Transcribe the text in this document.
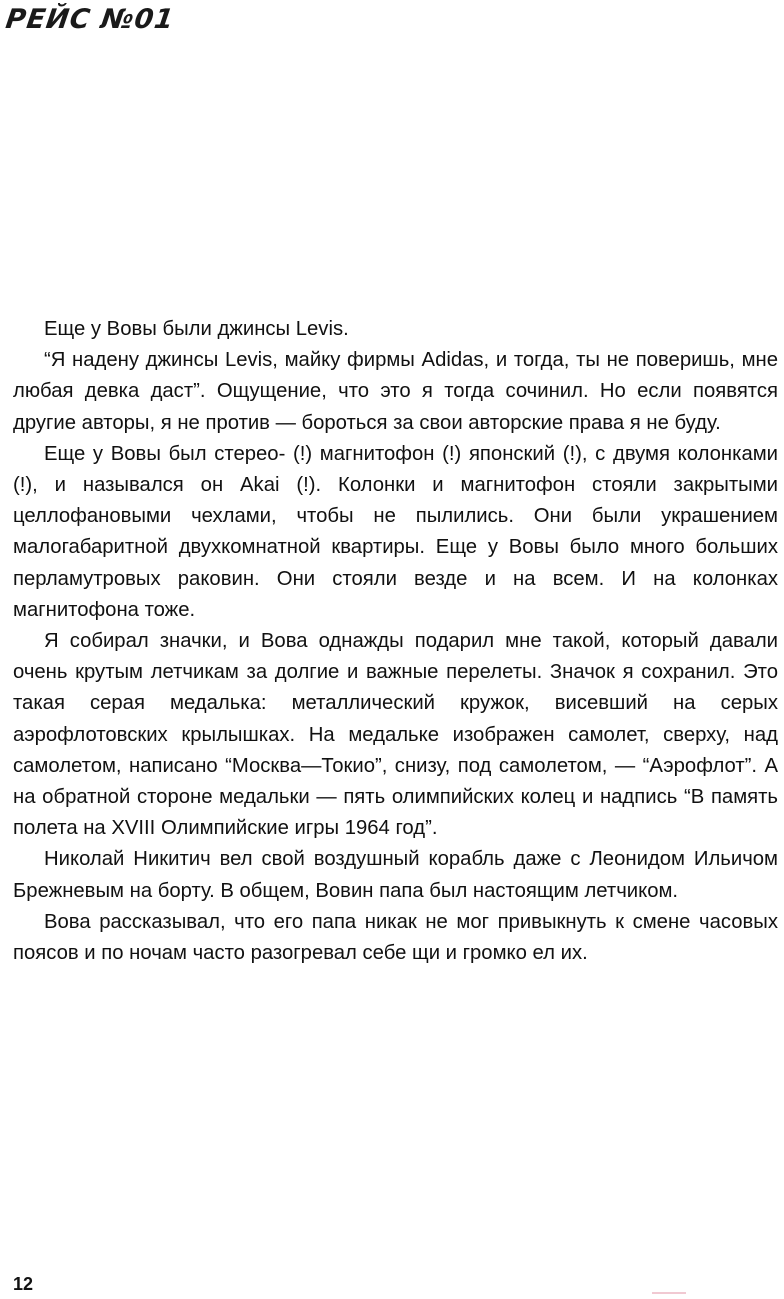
РЕЙС №01

Еще у Вовы были джинсы Levis.

“Я надену джинсы Levis, майку фирмы Adidas, и тогда, ты не поверишь, мне любая девка даст”. Ощущение, что это я тогда сочинил. Но если появятся другие авторы, я не против — бороться за свои авторские права я не буду.

Еще у Вовы был стерео- (!) магнитофон (!) японский (!), с двумя колонками (!), и назывался он Akai (!). Колонки и магнитофон стояли закрытыми целлофановыми чехлами, чтобы не пылились. Они были украшением малогабаритной двухкомнатной квартиры. Еще у Вовы было много больших перламутровых раковин. Они стояли везде и на всем. И на колонках магнитофона тоже.

Я собирал значки, и Вова однажды подарил мне такой, который давали очень крутым летчикам за долгие и важные перелеты. Значок я сохранил. Это такая серая медалька: металлический кружок, висевший на серых аэрофлотовских крылышках. На медальке изображен самолет, сверху, над самолетом, написано “Москва—Токио”, снизу, под самолетом, — “Аэрофлот”. А на обратной стороне медальки — пять олимпийских колец и надпись “В память полета на XVIII Олимпийские игры 1964 год”.

Николай Никитич вел свой воздушный корабль даже с Леонидом Ильичом Брежневым на борту. В общем, Вовин папа был настоящим летчиком.

Вова рассказывал, что его папа никак не мог привыкнуть к смене часовых поясов и по ночам часто разогревал себе щи и громко ел их.

12
